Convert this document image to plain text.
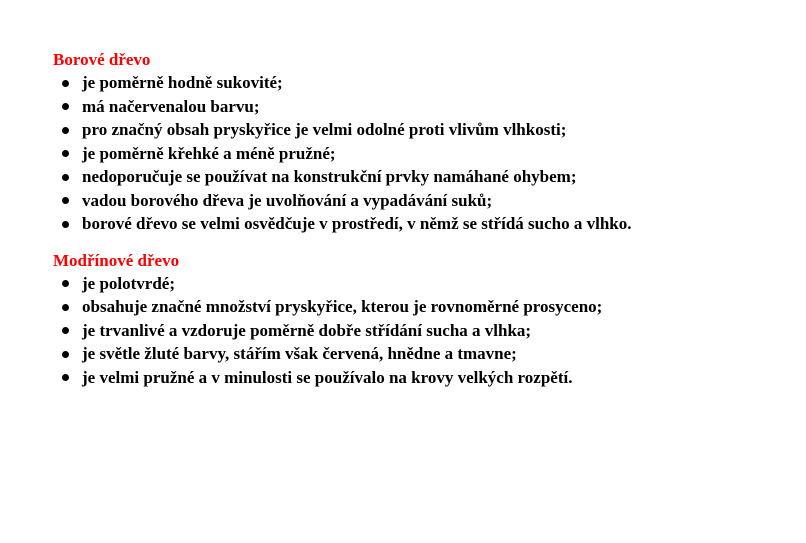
Borové dřevo
je poměrně hodně sukovité;
má načervenalou barvu;
pro značný obsah pryskyřice je velmi odolné proti vlivům vlhkosti;
je poměrně křehké a méně pružné;
nedoporučuje se používat na konstrukční prvky namáhané ohybem;
vadou borového dřeva je uvolňování a vypadávání suků;
borové dřevo se velmi osvědčuje v prostředí, v němž se střídá sucho a vlhko.
Modřínové dřevo
je polotvrdé;
obsahuje značné množství pryskyřice, kterou je rovnoměrné prosyceno;
je trvanlivé a vzdoruje poměrně dobře střídání sucha a vlhka;
je světle žluté barvy, stářím však červená, hnědne a tmavne;
je velmi pružné a v minulosti se používalo na krovy velkých rozpětí.
